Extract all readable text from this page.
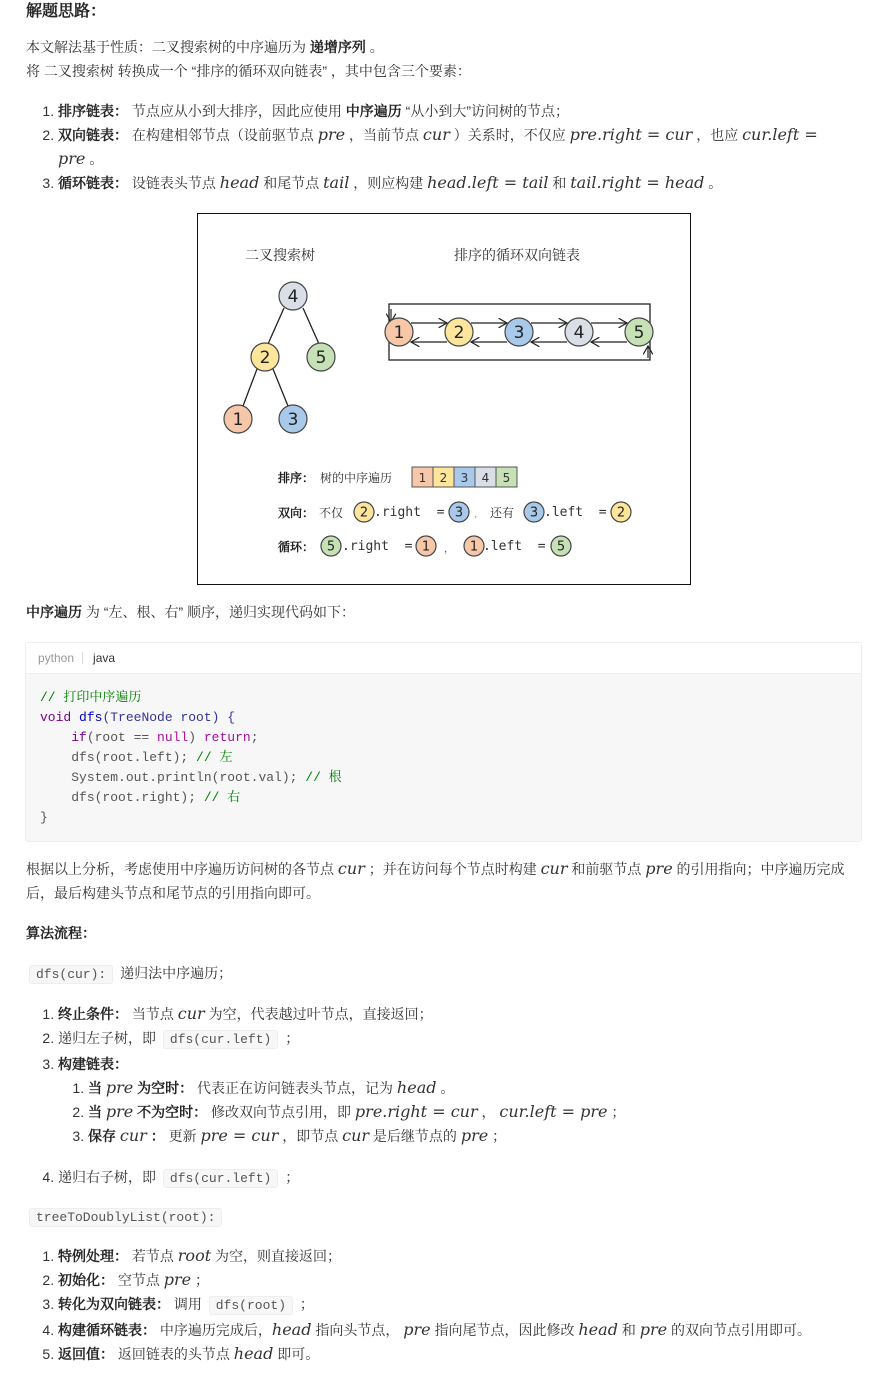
解题思路：
本文解法基于性质：二叉搜索树的中序遍历为 递增序列 。
将 二叉搜索树 转换成一个 “排序的循环双向链表” ，其中包含三个要素：
1. 排序链表： 节点应从小到大排序，因此应使用 中序遍历 “从小到大”访问树的节点；
2. 双向链表： 在构建相邻节点（设前驱节点 pre ，当前节点 cur ）关系时，不仅应 pre.right = cur ，也应 cur.left = pre 。
3. 循环链表： 设链表头节点 head 和尾节点 tail ，则应构建 head.left = tail 和 tail.right = head 。
二叉搜索树	排序的循环双向链表
4
2	5
1	3
1	2	3	4	5
排序： 树的中序遍历 1 2 3 4 5
双向： 不仅 2	3	3	2
5	1	1	5
.right  =	， 还有 .left  =
循环： .right  =	， .left  =
中序遍历 为 “左、根、右” 顺序，递归实现代码如下：
python	java
// 打印中序遍历
void dfs(TreeNode root) {
if(root == null) return;
dfs(root.left); // 左
System.out.println(root.val); // 根
dfs(root.right); // 右
}
根据以上分析，考虑使用中序遍历访问树的各节点 cur ；并在访问每个节点时构建 cur 和前驱节点 pre 的引用指向；中序遍历完成后，最后构建头节点和尾节点的引用指向即可。
算法流程：
dfs(cur): 递归法中序遍历；
1. 终止条件： 当节点 cur 为空，代表越过叶节点，直接返回；
2. 递归左子树，即 dfs(cur.left) ；
3. 构建链表：
1. 当 pre 为空时： 代表正在访问链表头节点，记为 head 。
2. 当 pre 不为空时： 修改双向节点引用，即 pre.right = cur ， cur.left = pre ；
3. 保存 cur ： 更新 pre = cur ，即节点 cur 是后继节点的 pre ；
4. 递归右子树，即 dfs(cur.left) ；
treeToDoublyList(root):
1. 特例处理： 若节点 root 为空，则直接返回；
2. 初始化： 空节点 pre ；
3. 转化为双向链表： 调用 dfs(root) ；
4. 构建循环链表： 中序遍历完成后，head 指向头节点， pre 指向尾节点，因此修改 head 和 pre 的双向节点引用即可。
5. 返回值： 返回链表的头节点 head 即可。
